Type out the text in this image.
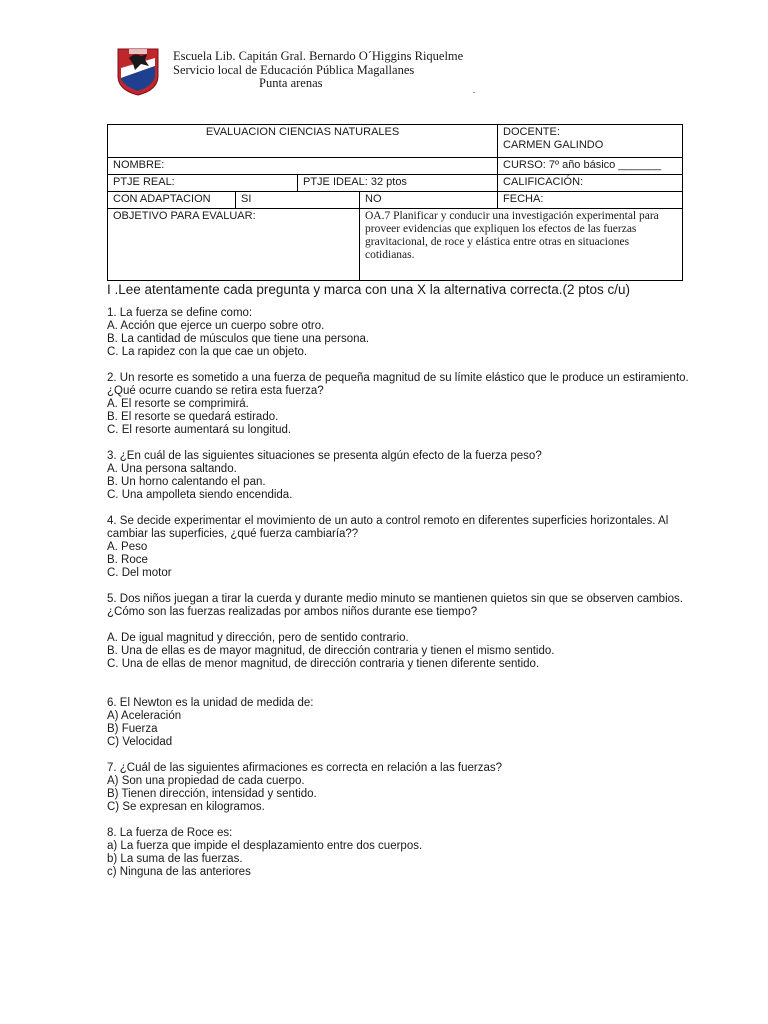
Escuela Lib. Capitán Gral. Bernardo O´Higgins Riquelme
Servicio local de Educación Pública Magallanes
Punta arenas
EVALUACION CIENCIAS NATURALES				DOCENTE:
CARMEN GALINDO

NOMBRE:				CURSO: 7º año básico _______
PTJE REAL:		PTJE IDEAL: 32 ptos		CALIFICACIÓN:
CON ADAPTACION	SI		NO	FECHA:
OBJETIVO PARA EVALUAR:			OA.7 Planificar y conducir una investigación experimental para proveer evidencias que expliquen los efectos de las fuerzas gravitacional, de roce y elástica entre otras en situaciones cotidianas.	

I .Lee atentamente cada pregunta y marca con una X la alternativa correcta.(2 ptos c/u)

1. La fuerza se define como:

A. Acción que ejerce un cuerpo sobre otro.

B. La cantidad de músculos que tiene una persona.

C. La rapidez con la que cae un objeto.

2. Un resorte es sometido a una fuerza de pequeña magnitud de su límite elástico que le produce un estiramiento. ¿Qué ocurre cuando se retira esta fuerza?

A. El resorte se comprimirá.

B. El resorte se quedará estirado.

C. El resorte aumentará su longitud.

3. ¿En cuál de las siguientes situaciones se presenta algún efecto de la fuerza peso?

A. Una persona saltando.

B. Un horno calentando el pan.

C. Una ampolleta siendo encendida.

4. Se decide experimentar el movimiento de un auto a control remoto en diferentes superficies horizontales. Al cambiar las superficies, ¿qué fuerza cambiaría??

A. Peso

B. Roce

C. Del motor

5. Dos niños juegan a tirar la cuerda y durante medio minuto se mantienen quietos sin que se observen cambios. ¿Cómo son las fuerzas realizadas por ambos niños durante ese tiempo?

A. De igual magnitud y dirección, pero de sentido contrario.

B. Una de ellas es de mayor magnitud, de dirección contraria y tienen el mismo sentido.

C. Una de ellas de menor magnitud, de dirección contraria y tienen diferente sentido.

6. El Newton es la unidad de medida de:

A) Aceleración

B) Fuerza

C) Velocidad

7. ¿Cuál de las siguientes afirmaciones es correcta en relación a las fuerzas?

A) Son una propiedad de cada cuerpo.

B) Tienen dirección, intensidad y sentido.

C) Se expresan en kilogramos.

8. La fuerza de Roce es:

a) La fuerza que impide el desplazamiento entre dos cuerpos.

b) La suma de las fuerzas.

c) Ninguna de las anteriores
